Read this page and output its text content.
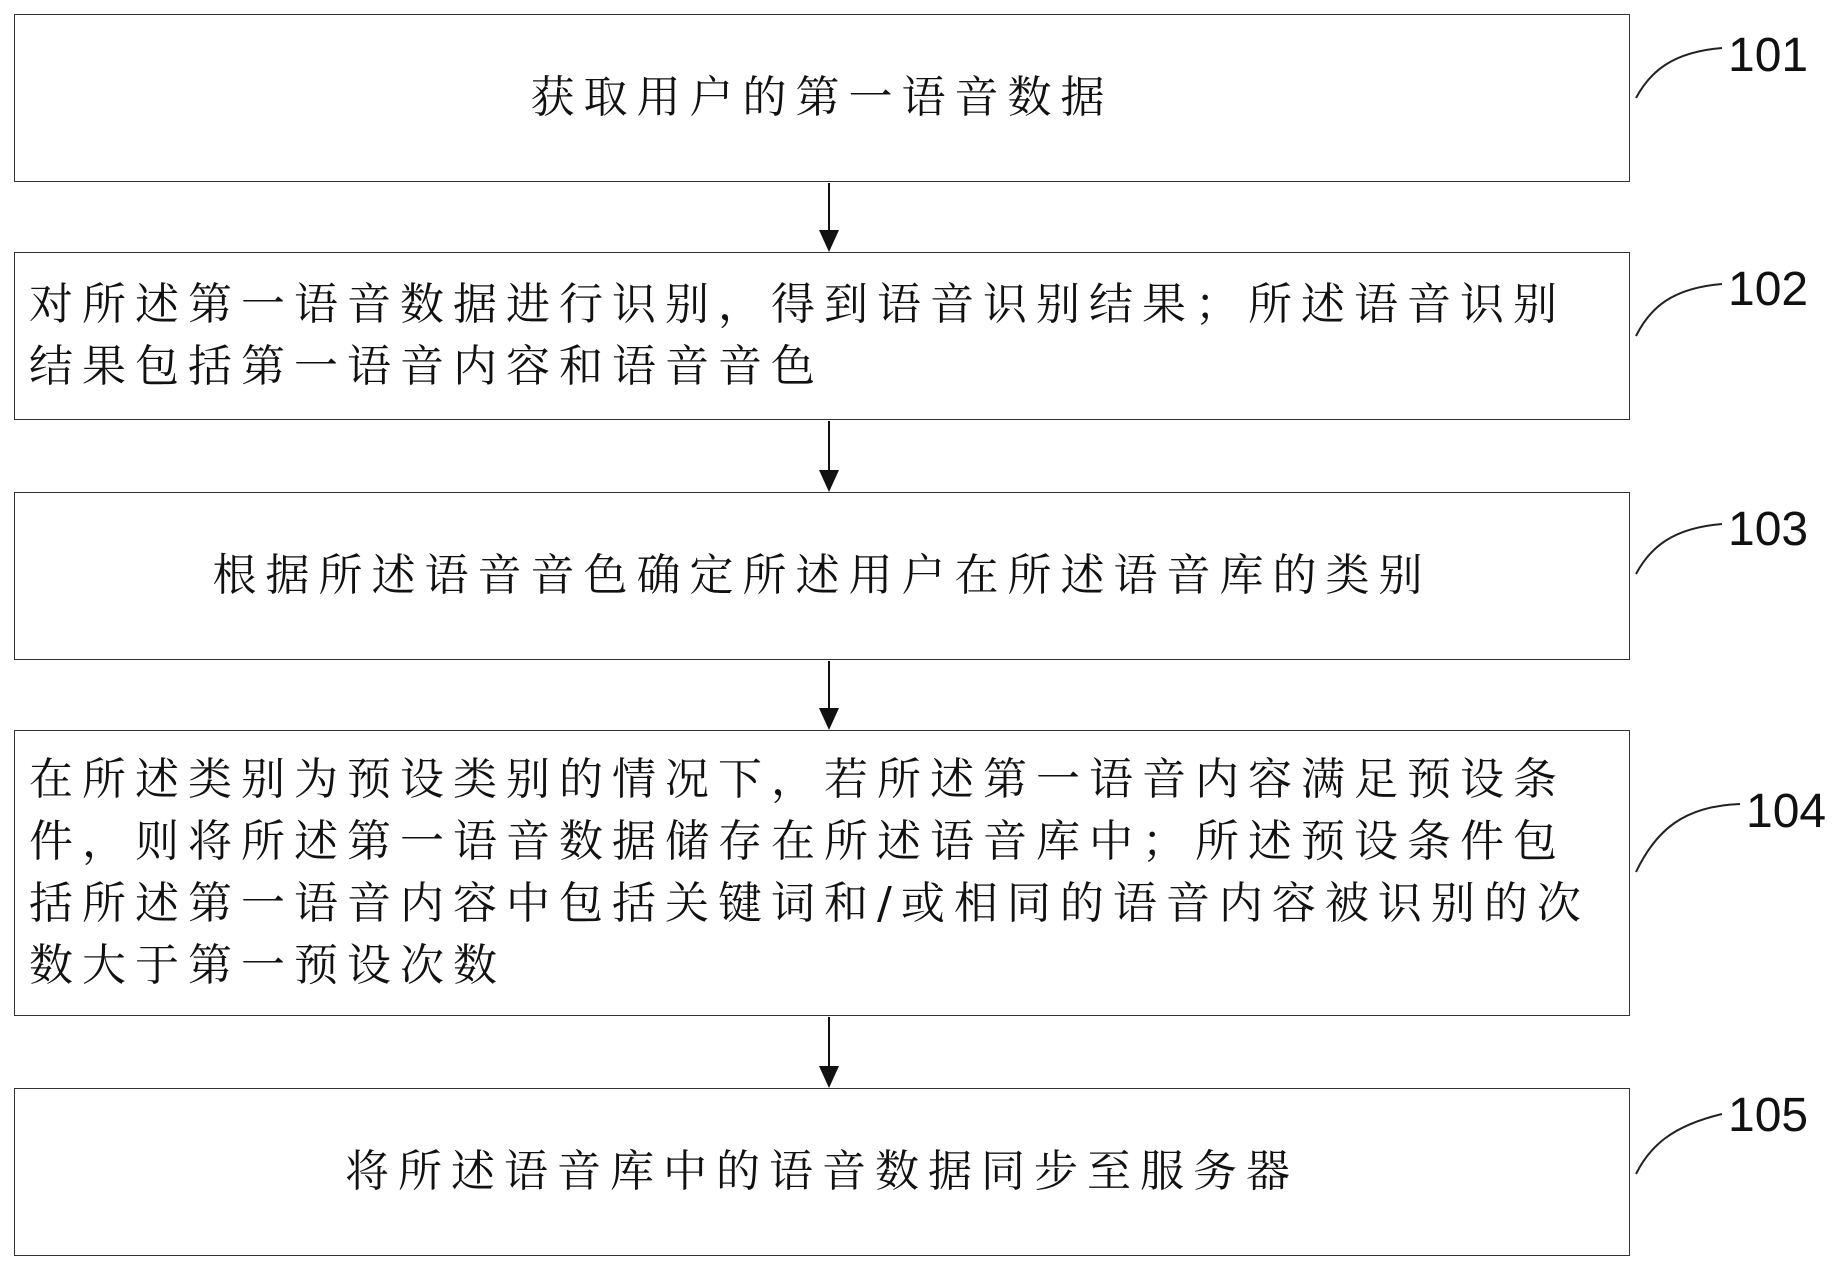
获取用户的第一语音数据
对所述第一语音数据进行识别，得到语音识别结果；所述语音识别结果包括第一语音内容和语音音色
根据所述语音音色确定所述用户在所述语音库的类别
在所述类别为预设类别的情况下，若所述第一语音内容满足预设条件，则将所述第一语音数据储存在所述语音库中；所述预设条件包括所述第一语音内容中包括关键词和/或相同的语音内容被识别的次数大于第一预设次数
将所述语音库中的语音数据同步至服务器
101
102
103
104
105
